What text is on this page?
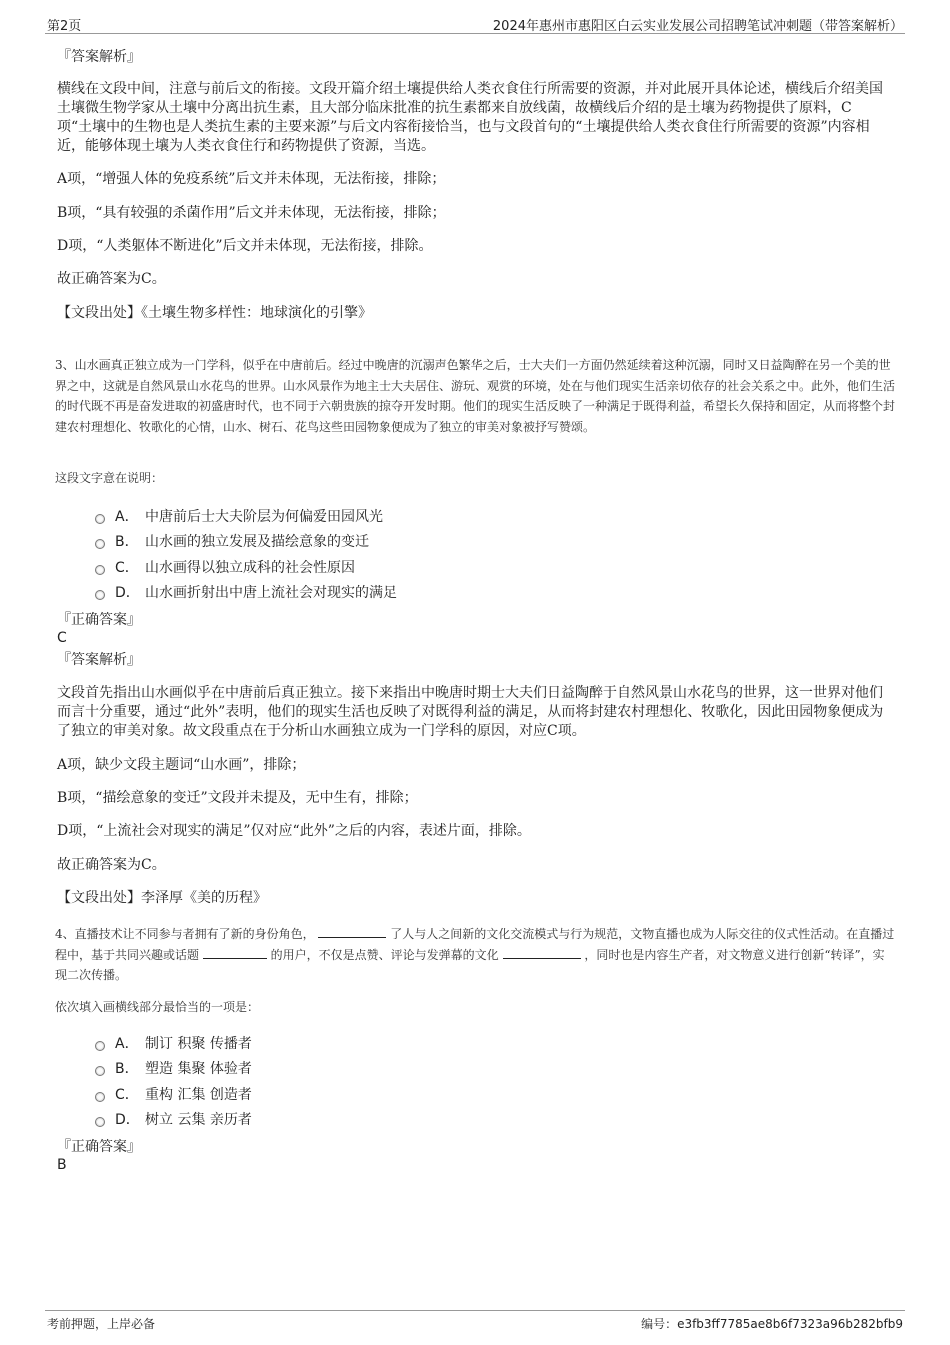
第2页	2024年惠州市惠阳区白云实业发展公司招聘笔试冲刺题（带答案解析）
『答案解析』
横线在文段中间，注意与前后文的衔接。文段开篇介绍土壤提供给人类衣食住行所需要的资源，并对此展开具体论述，横线后介绍美国土壤微生物学家从土壤中分离出抗生素，且大部分临床批准的抗生素都来自放线菌，故横线后介绍的是土壤为药物提供了原料，C项“土壤中的生物也是人类抗生素的主要来源”与后文内容衔接恰当，也与文段首句的“土壤提供给人类衣食住行所需要的资源”内容相近，能够体现土壤为人类衣食住行和药物提供了资源，当选。
A项，“增强人体的免疫系统”后文并未体现，无法衔接，排除；
B项，“具有较强的杀菌作用”后文并未体现，无法衔接，排除；
D项，“人类躯体不断进化”后文并未体现，无法衔接，排除。
故正确答案为C。
【文段出处】《土壤生物多样性：地球演化的引擎》
3、山水画真正独立成为一门学科，似乎在中唐前后。经过中晚唐的沉溺声色繁华之后，士大夫们一方面仍然延续着这种沉溺，同时又日益陶醉在另一个美的世界之中，这就是自然风景山水花鸟的世界。山水风景作为地主士大夫居住、游玩、观赏的环境，处在与他们现实生活亲切依存的社会关系之中。此外，他们生活的时代既不再是奋发进取的初盛唐时代，也不同于六朝贵族的掠夺开发时期。他们的现实生活反映了一种满足于既得利益，希望长久保持和固定，从而将整个封建农村理想化、牧歌化的心情，山水、树石、花鸟这些田园物象便成为了独立的审美对象被抒写赞颂。
这段文字意在说明：
A． 中唐前后士大夫阶层为何偏爱田园风光
B． 山水画的独立发展及描绘意象的变迁
C． 山水画得以独立成科的社会性原因
D． 山水画折射出中唐上流社会对现实的满足
『正确答案』
C
『答案解析』
文段首先指出山水画似乎在中唐前后真正独立。接下来指出中晚唐时期士大夫们日益陶醉于自然风景山水花鸟的世界，这一世界对他们而言十分重要，通过“此外”表明，他们的现实生活也反映了对既得利益的满足，从而将封建农村理想化、牧歌化，因此田园物象便成为了独立的审美对象。故文段重点在于分析山水画独立成为一门学科的原因，对应C项。
A项，缺少文段主题词“山水画”，排除；
B项，“描绘意象的变迁”文段并未提及，无中生有，排除；
D项，“上流社会对现实的满足”仅对应“此外”之后的内容，表述片面，排除。
故正确答案为C。
【文段出处】李泽厚《美的历程》
4、直播技术让不同参与者拥有了新的身份角色，	了人与人之间新的文化交流模式与行为规范，文物直播也成为人际交往的仪式性活动。在直播过程中，基于共同兴趣或话题	的用户，不仅是点赞、评论与发弹幕的文化	，同时也是内容生产者，对文物意义进行创新“转译”，实现二次传播。
依次填入画横线部分最恰当的一项是：
A． 制订 积聚 传播者
B． 塑造 集聚 体验者
C． 重构 汇集 创造者
D． 树立 云集 亲历者
『正确答案』
B
考前押题，上岸必备	编号：e3fb3ff7785ae8b6f7323a96b282bfb9
